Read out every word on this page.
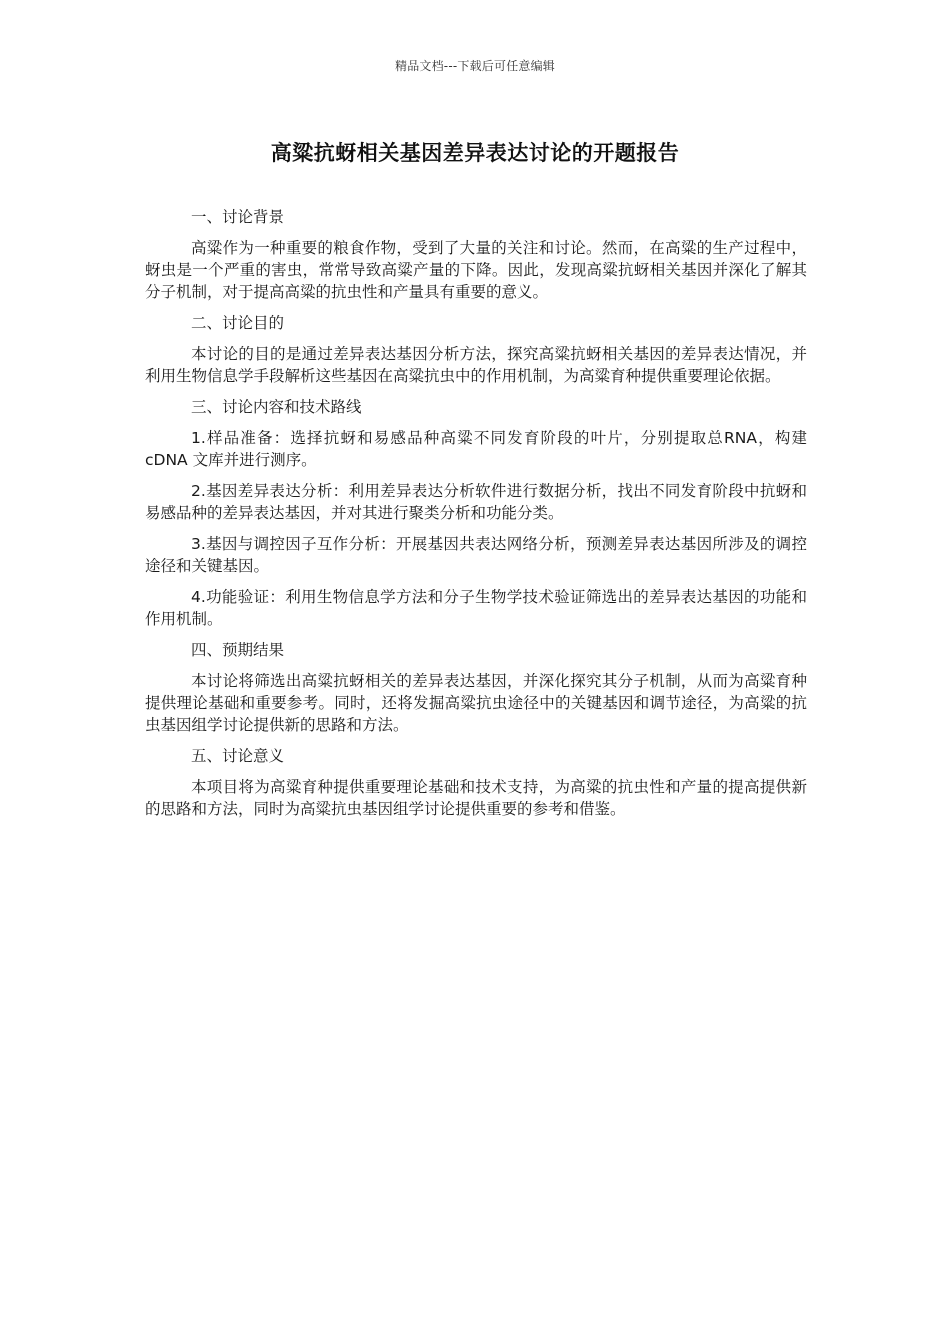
精品文档---下载后可任意编辑
高粱抗蚜相关基因差异表达讨论的开题报告

一、讨论背景

高粱作为一种重要的粮食作物，受到了大量的关注和讨论。然而，在高粱的生产过程中，蚜虫是一个严重的害虫，常常导致高粱产量的下降。因此，发现高粱抗蚜相关基因并深化了解其分子机制，对于提高高粱的抗虫性和产量具有重要的意义。

二、讨论目的

本讨论的目的是通过差异表达基因分析方法，探究高粱抗蚜相关基因的差异表达情况，并利用生物信息学手段解析这些基因在高粱抗虫中的作用机制，为高粱育种提供重要理论依据。

三、讨论内容和技术路线

1.样品准备：选择抗蚜和易感品种高粱不同发育阶段的叶片，分别提取总RNA，构建 cDNA 文库并进行测序。

2.基因差异表达分析：利用差异表达分析软件进行数据分析，找出不同发育阶段中抗蚜和易感品种的差异表达基因，并对其进行聚类分析和功能分类。

3.基因与调控因子互作分析：开展基因共表达网络分析，预测差异表达基因所涉及的调控途径和关键基因。

4.功能验证：利用生物信息学方法和分子生物学技术验证筛选出的差异表达基因的功能和作用机制。

四、预期结果

本讨论将筛选出高粱抗蚜相关的差异表达基因，并深化探究其分子机制，从而为高粱育种提供理论基础和重要参考。同时，还将发掘高粱抗虫途径中的关键基因和调节途径，为高粱的抗虫基因组学讨论提供新的思路和方法。

五、讨论意义

本项目将为高粱育种提供重要理论基础和技术支持，为高粱的抗虫性和产量的提高提供新的思路和方法，同时为高粱抗虫基因组学讨论提供重要的参考和借鉴。
